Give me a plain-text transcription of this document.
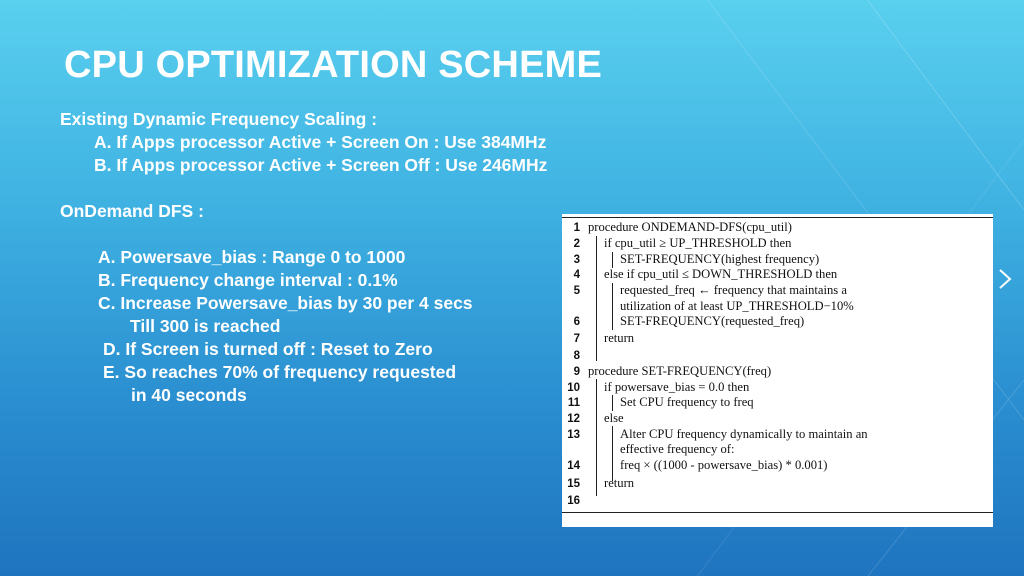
CPU OPTIMIZATION SCHEME
Existing Dynamic Frequency Scaling :
A. If Apps processor Active + Screen On : Use 384MHz
B. If Apps processor Active + Screen Off : Use 246MHz
OnDemand DFS :
A. Powersave_bias : Range 0 to 1000
B. Frequency change interval : 0.1%
C. Increase Powersave_bias by 30 per 4 secs
Till 300 is reached
D. If Screen is turned off : Reset to Zero
E. So reaches 70% of frequency requested
in 40 seconds
1 procedure ONDEMAND-DFS(cpu_util)
2 if cpu_util ≥ UP_THRESHOLD then
3	SET-FREQUENCY(highest frequency)
4 else if cpu_util ≤ DOWN_THRESHOLD then
5	requested_freq ← frequency that maintains a
utilization of at least UP_THRESHOLD−10%
6	SET-FREQUENCY(requested_freq)
7 return
8
9 procedure SET-FREQUENCY(freq)
10 if powersave_bias = 0.0 then
11	Set CPU frequency to freq
12 else
13	Alter CPU frequency dynamically to maintain an
effective frequency of:
14	freq × ((1000 - powersave_bias) * 0.001)
15 return
16
